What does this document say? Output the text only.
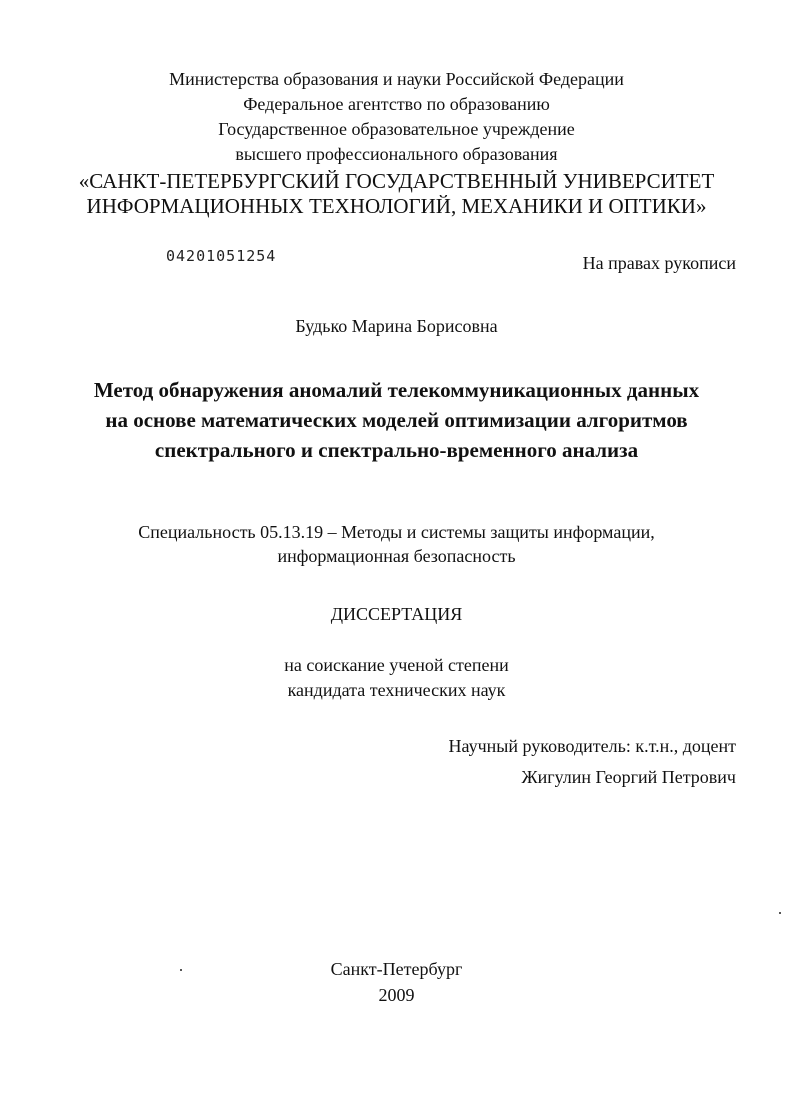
Министерства образования и науки Российской Федерации
Федеральное агентство по образованию
Государственное образовательное учреждение
высшего профессионального образования
«САНКТ-ПЕТЕРБУРГСКИЙ ГОСУДАРСТВЕННЫЙ УНИВЕРСИТЕТ
ИНФОРМАЦИОННЫХ ТЕХНОЛОГИЙ, МЕХАНИКИ И ОПТИКИ»
04201051254	На правах рукописи
Будько Марина Борисовна
Метод обнаружения аномалий телекоммуникационных данных
на основе математических моделей оптимизации алгоритмов
спектрального и спектрально-временного анализа
Специальность 05.13.19 – Методы и системы защиты информации,
информационная безопасность
ДИССЕРТАЦИЯ
на соискание ученой степени
кандидата технических наук
Научный руководитель: к.т.н., доцент
Жигулин Георгий Петрович
Санкт-Петербург
2009
